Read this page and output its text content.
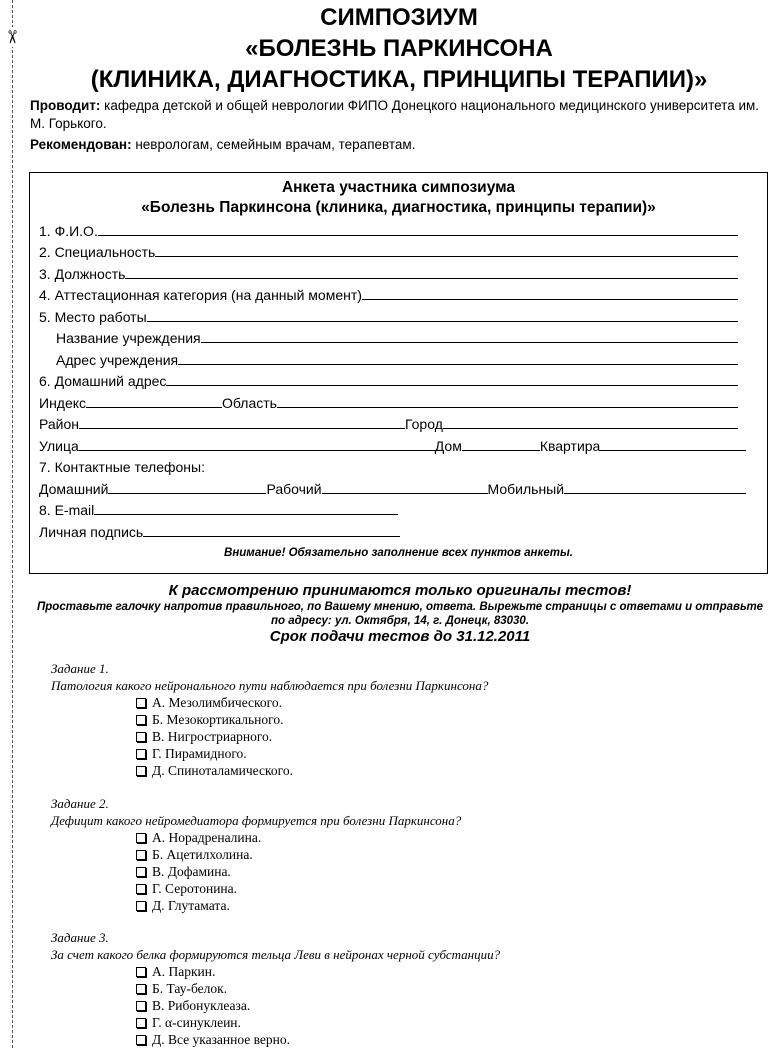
✂
СИМПОЗИУМ
«БОЛЕЗНЬ ПАРКИНСОНА
(КЛИНИКА, ДИАГНОСТИКА, ПРИНЦИПЫ ТЕРАПИИ)»

Проводит: кафедра детской и общей неврологии ФИПО Донецкого национального медицинского университета им. М. Горького.

Рекомендован: неврологам, семейным врачам, терапевтам.

Анкета участника симпозиума
«Болезнь Паркинсона (клиника, диагностика, принципы терапии)»
1. Ф.И.О.
2. Специальность
3. Должность
4. Аттестационная категория (на данный момент)
5. Место работы
Название учреждения
Адрес учреждения
6. Домашний адрес
Индекс	Область
Район	Город
Улица	Дом	Квартира
7. Контактные телефоны:
Домашний	Рабочий	Мобильный
8. E-mail
Личная подпись
Внимание! Обязательно заполнение всех пунктов анкеты.
К рассмотрению принимаются только оригиналы тестов!
Проставьте галочку напротив правильного, по Вашему мнению, ответа. Вырежьте страницы с ответами и отправьте по адресу: ул. Октября, 14, г. Донецк, 83030.
Срок подачи тестов до 31.12.2011
Задание 1.
Патология какого нейронального пути наблюдается при болезни Паркинсона?
А. Мезолимбического.
Б. Мезокортикального.
В. Нигростриарного.
Г. Пирамидного.
Д. Спиноталамического.
Задание 2.
Дефицит какого нейромедиатора формируется при болезни Паркинсона?
А. Норадреналина.
Б. Ацетилхолина.
В. Дофамина.
Г. Серотонина.
Д. Глутамата.
Задание 3.
За счет какого белка формируются тельца Леви в нейронах черной субстанции?
А. Паркин.
Б. Тау-белок.
В. Рибонуклеаза.
Г. α-синуклеин.
Д. Все указанное верно.
